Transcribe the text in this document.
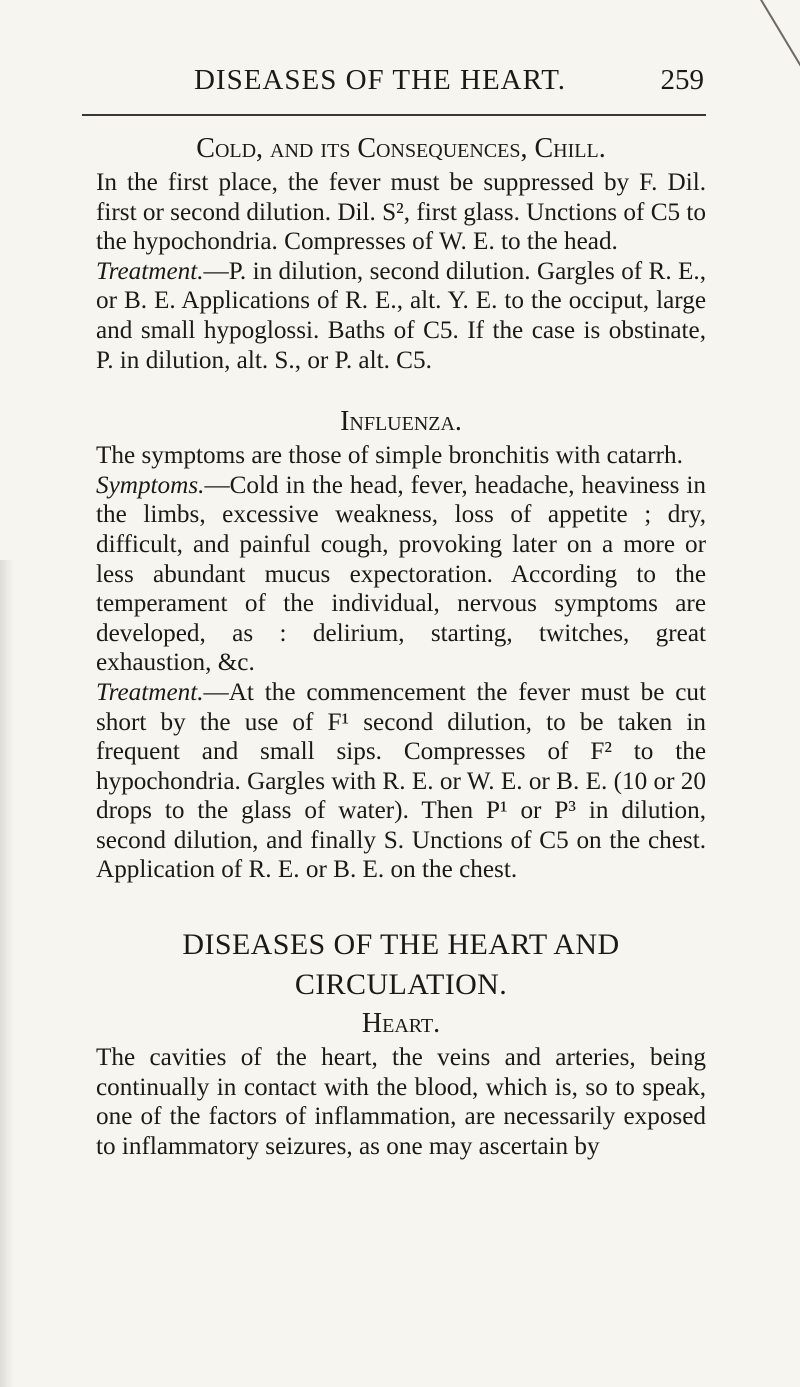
DISEASES OF THE HEART.	259
Cold, and its Consequences, Chill.

In the first place, the fever must be suppressed by F. Dil. first or second dilution. Dil. S², first glass. Unctions of C5 to the hypochondria. Compresses of W. E. to the head.

Treatment.—P. in dilution, second dilution. Gargles of R. E., or B. E. Applications of R. E., alt. Y. E. to the occiput, large and small hypoglossi. Baths of C5. If the case is obstinate, P. in dilution, alt. S., or P. alt. C5.

Influenza.

The symptoms are those of simple bronchitis with catarrh.

Symptoms.—Cold in the head, fever, headache, heaviness in the limbs, excessive weakness, loss of appetite ; dry, difficult, and painful cough, provoking later on a more or less abundant mucus expectoration. According to the temperament of the individual, nervous symptoms are developed, as : delirium, starting, twitches, great exhaustion, &c.

Treatment.—At the commencement the fever must be cut short by the use of F¹ second dilution, to be taken in frequent and small sips. Compresses of F² to the hypochondria. Gargles with R. E. or W. E. or B. E. (10 or 20 drops to the glass of water). Then P¹ or P³ in dilution, second dilution, and finally S. Unctions of C5 on the chest. Application of R. E. or B. E. on the chest.

DISEASES OF THE HEART AND CIRCULATION.
Heart.

The cavities of the heart, the veins and arteries, being continually in contact with the blood, which is, so to speak, one of the factors of inflammation, are necessarily exposed to inflammatory seizures, as one may ascertain by
